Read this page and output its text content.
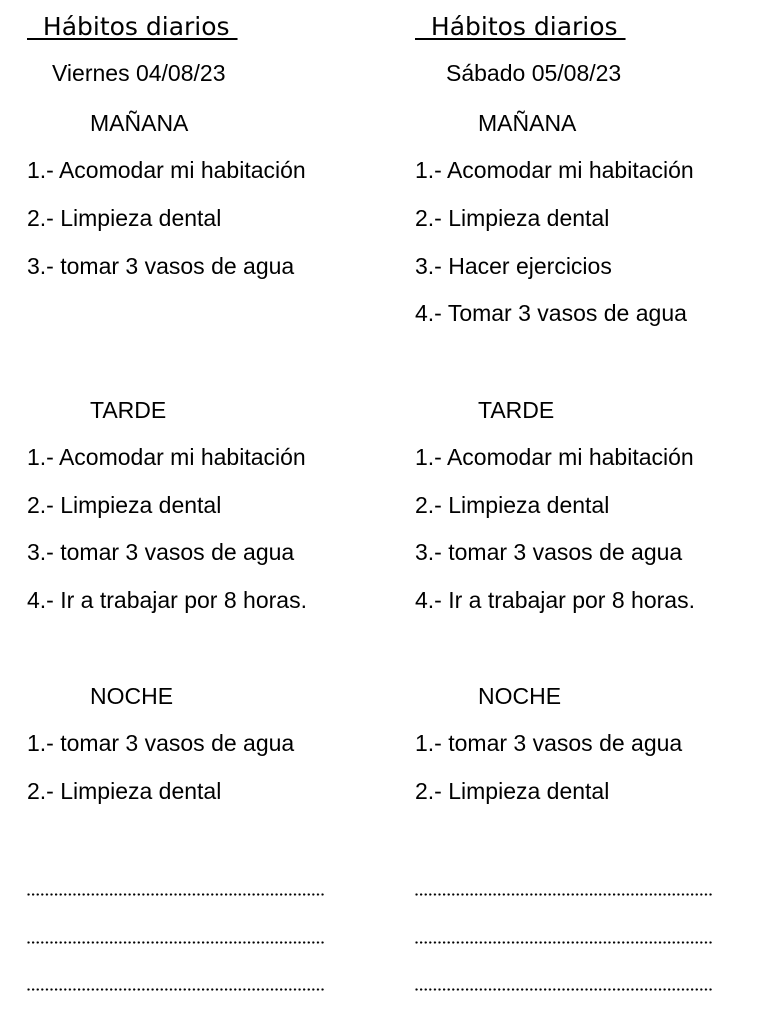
Hábitos diarios
Viernes 04/08/23
MAÑANA
1.- Acomodar mi habitación
2.- Limpieza dental
3.- tomar 3 vasos de agua
TARDE
1.- Acomodar mi habitación
2.- Limpieza dental
3.- tomar 3 vasos de agua
4.- Ir a trabajar por 8 horas.
NOCHE
1.- tomar 3 vasos de agua
2.- Limpieza dental
Hábitos diarios
Sábado 05/08/23
MAÑANA
1.- Acomodar mi habitación
2.- Limpieza dental
3.- Hacer ejercicios
4.- Tomar 3 vasos de agua
TARDE
1.- Acomodar mi habitación
2.- Limpieza dental
3.- tomar 3 vasos de agua
4.- Ir a trabajar por 8 horas.
NOCHE
1.- tomar 3 vasos de agua
2.- Limpieza dental
